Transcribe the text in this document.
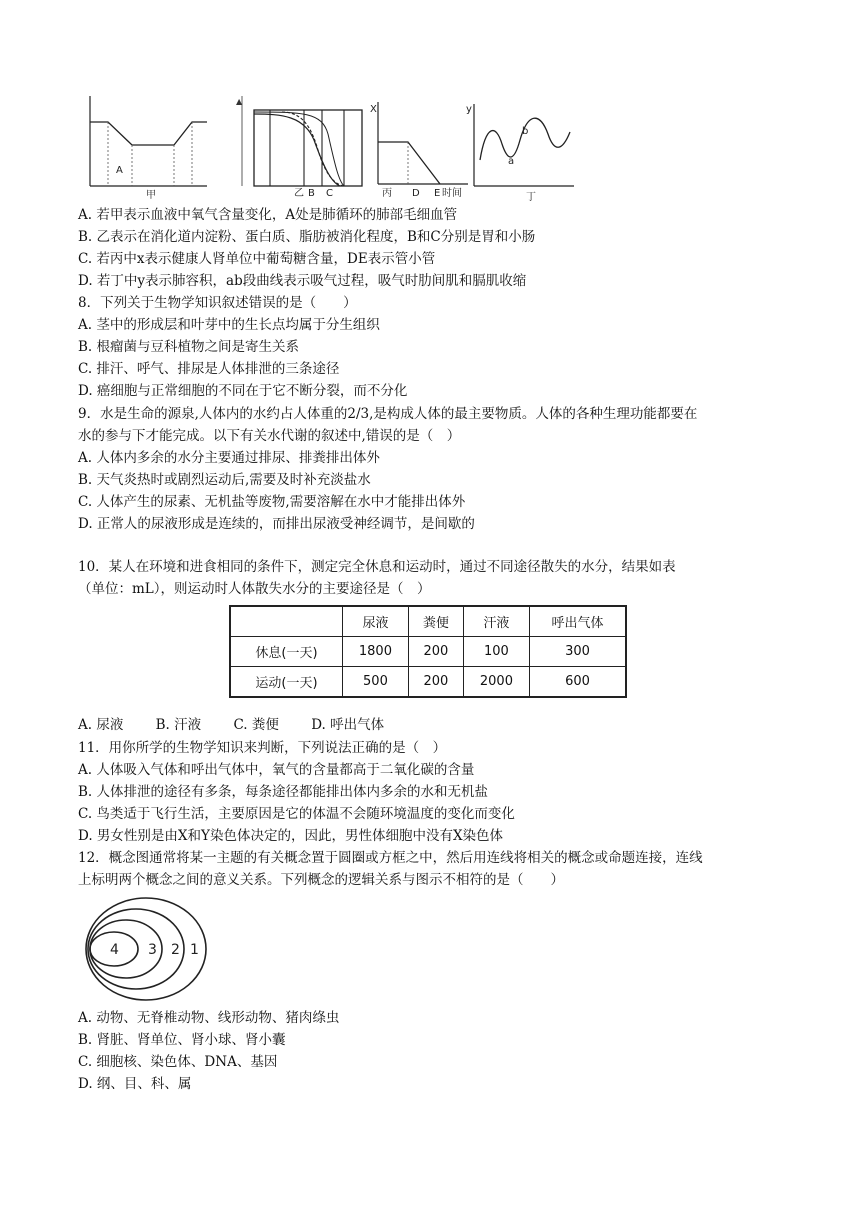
A
甲
▲
乙 B C
X
丙 D E 时间
y
a
b
丁
A. 若甲表示血液中氧气含量变化，A处是肺循环的肺部毛细血管
B. 乙表示在消化道内淀粉、蛋白质、脂肪被消化程度，B和C分别是胃和小肠
C. 若丙中x表示健康人肾单位中葡萄糖含量，DE表示管小管
D. 若丁中y表示肺容积，ab段曲线表示吸气过程，吸气时肋间肌和膈肌收缩
8．下列关于生物学知识叙述错误的是（　　）
A. 茎中的形成层和叶芽中的生长点均属于分生组织
B. 根瘤菌与豆科植物之间是寄生关系
C. 排汗、呼气、排尿是人体排泄的三条途径
D. 癌细胞与正常细胞的不同在于它不断分裂，而不分化
9．水是生命的源泉,人体内的水约占人体重的2/3,是构成人体的最主要物质。人体的各种生理功能都要在
水的参与下才能完成。以下有关水代谢的叙述中,错误的是（　）
A. 人体内多余的水分主要通过排尿、排粪排出体外
B. 天气炎热时或剧烈运动后,需要及时补充淡盐水
C. 人体产生的尿素、无机盐等废物,需要溶解在水中才能排出体外
D. 正常人的尿液形成是连续的，而排出尿液受神经调节，是间歇的
10．某人在环境和进食相同的条件下，测定完全休息和运动时，通过不同途径散失的水分，结果如表
（单位：mL），则运动时人体散失水分的主要途径是（　）
	尿液	粪便	汗液	呼出气体
休息(一天)	1800	200	100	300
运动(一天)	500	200	2000	600
A. 尿液 B. 汗液 C. 粪便 D. 呼出气体
11．用你所学的生物学知识来判断，下列说法正确的是（　）
A. 人体吸入气体和呼出气体中，氧气的含量都高于二氧化碳的含量
B. 人体排泄的途径有多条，每条途径都能排出体内多余的水和无机盐
C. 鸟类适于飞行生活，主要原因是它的体温不会随环境温度的变化而变化
D. 男女性别是由X和Y染色体决定的，因此，男性体细胞中没有X染色体
12．概念图通常将某一主题的有关概念置于圆圈或方框之中，然后用连线将相关的概念或命题连接，连线
上标明两个概念之间的意义关系。下列概念的逻辑关系与图示不相符的是（　　）
4 3 2 1
A. 动物、无脊椎动物、线形动物、猪肉绦虫
B. 肾脏、肾单位、肾小球、肾小囊
C. 细胞核、染色体、DNA、基因
D. 纲、目、科、属
